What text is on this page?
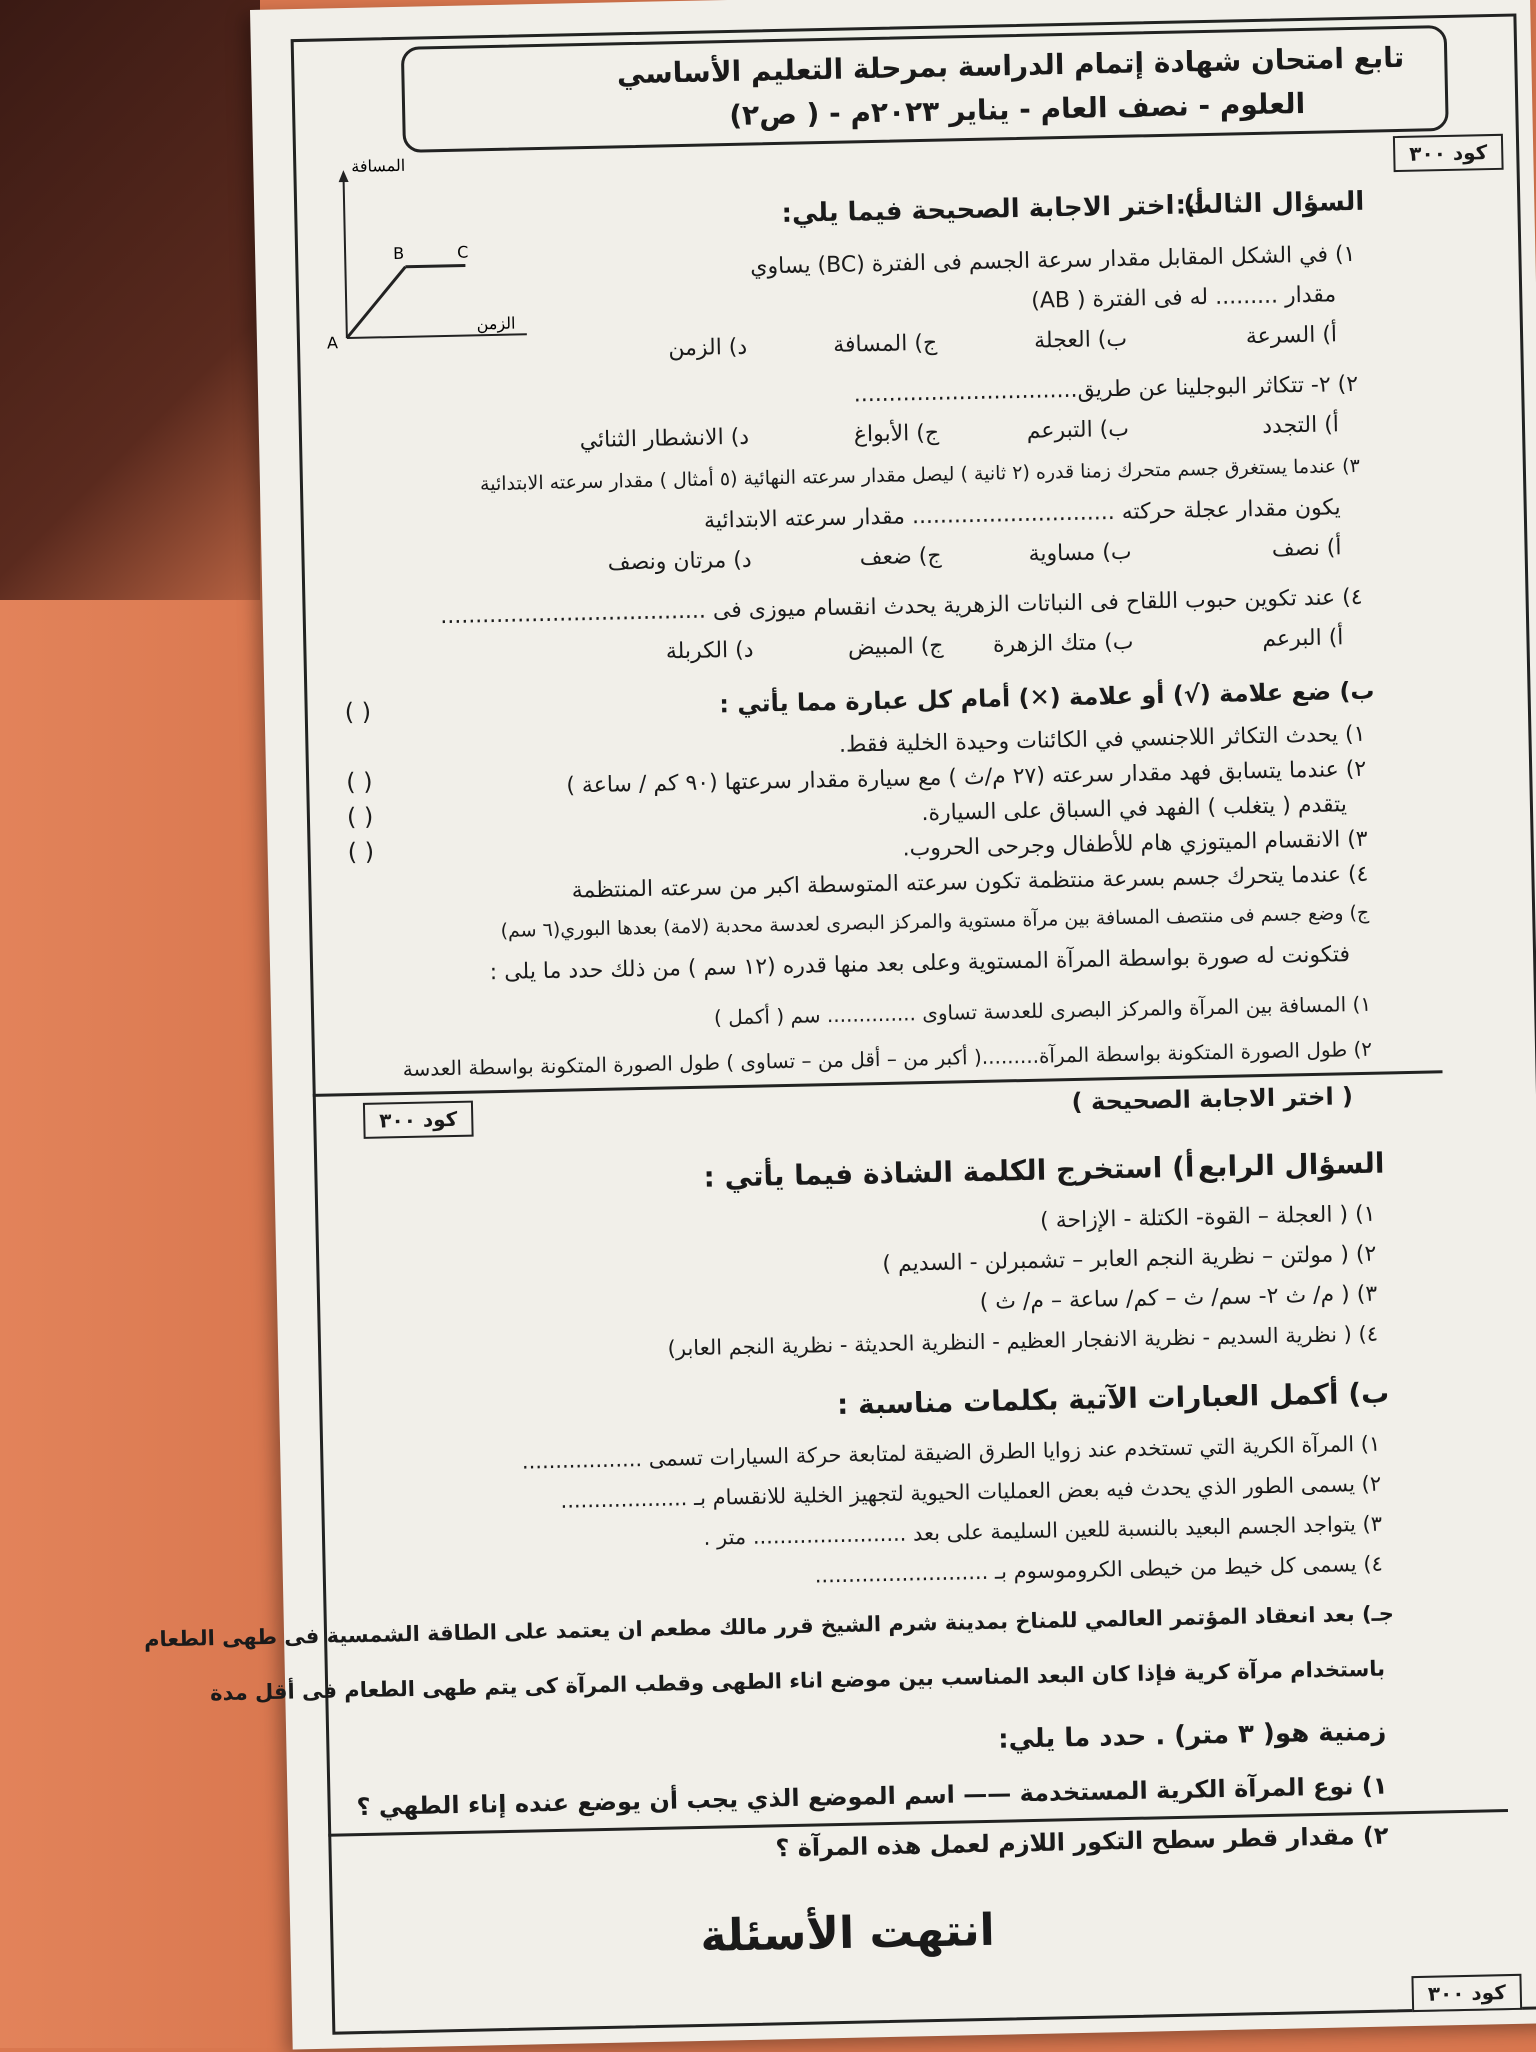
تابع امتحان شهادة إتمام الدراسة بمرحلة التعليم الأساسي
العلوم - نصف العام - يناير ٢٠٢٣م - ( ص٢)
كود ٣٠٠
المسافة
الزمن
A
B	C
السؤال الثالث:
أ) اختر الاجابة الصحيحة فيما يلي:
١) في الشكل المقابل مقدار سرعة الجسم فى الفترة (BC) يساوي
مقدار ......... له فى الفترة ( AB)
أ) السرعة
ب) العجلة
ج) المسافة
د) الزمن
٢) ٢- تتكاثر البوجلينا عن طريق................................
أ) التجدد
ب) التبرعم
ج) الأبواغ
د) الانشطار الثنائي
٣) عندما يستغرق جسم متحرك زمنا قدره (٢ ثانية ) ليصل مقدار سرعته النهائية (٥ أمثال ) مقدار سرعته الابتدائية
يكون مقدار عجلة حركته ............................. مقدار سرعته الابتدائية
أ) نصف
ب) مساوية
ج) ضعف
د) مرتان ونصف
٤) عند تكوين حبوب اللقاح فى النباتات الزهرية يحدث انقسام ميوزى فى ......................................
أ) البرعم
ب) متك الزهرة
ج) المبيض
د) الكربلة
ب) ضع علامة (√) أو علامة (✕) أمام كل عبارة مما يأتي :
( )
١) يحدث التكاثر اللاجنسي في الكائنات وحيدة الخلية فقط.
( )	٢) عندما يتسابق فهد مقدار سرعته (٢٧ م/ث ) مع سيارة مقدار سرعتها (٩٠ كم / ساعة )
يتقدم ( يتغلب ) الفهد في السباق على السيارة.
( )
٣) الانقسام الميتوزي هام للأطفال وجرحى الحروب.
( )
٤) عندما يتحرك جسم بسرعة منتظمة تكون سرعته المتوسطة اكبر من سرعته المنتظمة
ج) وضع جسم فى منتصف المسافة بين مرآة مستوية والمركز البصرى لعدسة محدبة (لامة) بعدها البوري(٦ سم)
فتكونت له صورة بواسطة المرآة المستوية وعلى بعد منها قدره (١٢ سم ) من ذلك حدد ما يلى :
١) المسافة بين المرآة والمركز البصرى للعدسة تساوى .............. سم ( أكمل )
٢) طول الصورة المتكونة بواسطة المرآة.........( أكبر من – أقل من – تساوى ) طول الصورة المتكونة بواسطة العدسة
( اختر الاجابة الصحيحة )
كود ٣٠٠
السؤال الرابع
أ) استخرج الكلمة الشاذة فيما يأتي :
١) ( العجلة – القوة- الكتلة - الإزاحة )
٢) ( مولتن – نظرية النجم العابر – تشمبرلن - السديم )
٣) ( م/ ث ٢- سم/ ث – كم/ ساعة – م/ ث )
٤) ( نظرية السديم - نظرية الانفجار العظيم - النظرية الحديثة - نظرية النجم العابر)
ب) أكمل العبارات الآتية بكلمات مناسبة :
١) المرآة الكرية التي تستخدم عند زوايا الطرق الضيقة لمتابعة حركة السيارات تسمى ..................
٢) يسمى الطور الذي يحدث فيه بعض العمليات الحيوية لتجهيز الخلية للانقسام بـ ...................
٣) يتواجد الجسم البعيد بالنسبة للعين السليمة على بعد ....................... متر .
٤) يسمى كل خيط من خيطى الكروموسوم بـ ..........................
جـ) بعد انعقاد المؤتمر العالمي للمناخ بمدينة شرم الشيخ قرر مالك مطعم ان يعتمد على الطاقة الشمسية فى طهى الطعام
باستخدام مرآة كرية فإذا كان البعد المناسب بين موضع اناء الطهى وقطب المرآة كى يتم طهى الطعام فى أقل مدة
زمنية هو( ٣ متر) . حدد ما يلي:
١) نوع المرآة الكرية المستخدمة —— اسم الموضع الذي يجب أن يوضع عنده إناء الطهي ؟
٢) مقدار قطر سطح التكور اللازم لعمل هذه المرآة ؟
انتهت الأسئلة
كود ٣٠٠
